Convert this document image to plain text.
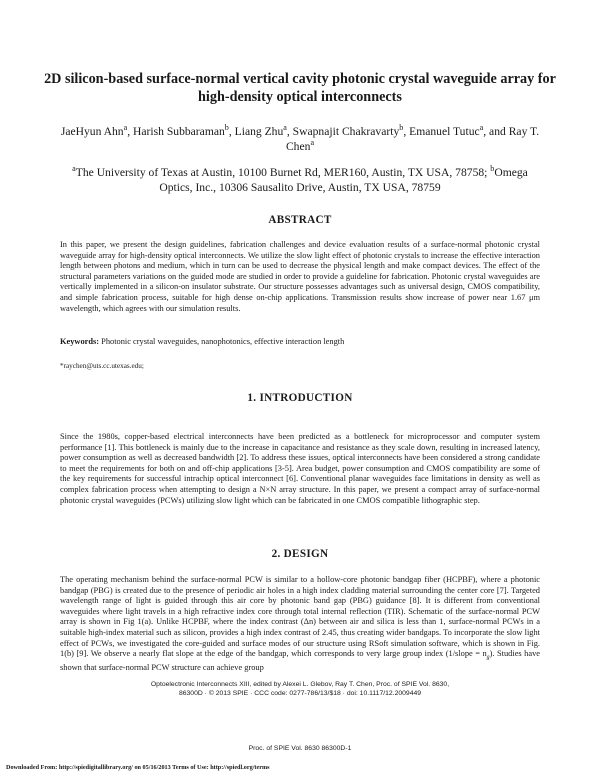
2D silicon-based surface-normal vertical cavity photonic crystal waveguide array for high-density optical interconnects
JaeHyun Ahn$^a$, Harish Subbaraman$^b$, Liang Zhu$^a$, Swapnajit Chakravarty$^b$, Emanuel Tutuc$^a$, and Ray T. Chen$^a$
$^a$The University of Texas at Austin, 10100 Burnet Rd, MER160, Austin, TX USA, 78758; $^b$Omega Optics, Inc., 10306 Sausalito Drive, Austin, TX USA, 78759
ABSTRACT
In this paper, we present the design guidelines, fabrication challenges and device evaluation results of a surface-normal photonic crystal waveguide array for high-density optical interconnects. We utilize the slow light effect of photonic crystals to increase the effective interaction length between photons and medium, which in turn can be used to decrease the physical length and make compact devices. The effect of the structural parameters variations on the guided mode are studied in order to provide a guideline for fabrication. Photonic crystal waveguides are vertically implemented in a silicon-on insulator substrate. Our structure possesses advantages such as universal design, CMOS compatibility, and simple fabrication process, suitable for high dense on-chip applications. Transmission results show increase of power near 1.67 μm wavelength, which agrees with our simulation results.
Keywords: Photonic crystal waveguides, nanophotonics, effective interaction length
*raychen@uts.cc.utexas.edu;
1. INTRODUCTION
Since the 1980s, copper-based electrical interconnects have been predicted as a bottleneck for microprocessor and computer system performance [1]. This bottleneck is mainly due to the increase in capacitance and resistance as they scale down, resulting in increased latency, power consumption as well as decreased bandwidth [2]. To address these issues, optical interconnects have been considered a strong candidate to meet the requirements for both on and off-chip applications [3-5]. Area budget, power consumption and CMOS compatibility are some of the key requirements for successful intrachip optical interconnect [6]. Conventional planar waveguides face limitations in density as well as complex fabrication process when attempting to design a N×N array structure. In this paper, we present a compact array of surface-normal photonic crystal waveguides (PCWs) utilizing slow light which can be fabricated in one CMOS compatible lithographic step.
2. DESIGN
The operating mechanism behind the surface-normal PCW is similar to a hollow-core photonic bandgap fiber (HCPBF), where a photonic bandgap (PBG) is created due to the presence of periodic air holes in a high index cladding material surrounding the center core [7]. Targeted wavelength range of light is guided through this air core by photonic band gap (PBG) guidance [8]. It is different from conventional waveguides where light travels in a high refractive index core through total internal reflection (TIR). Schematic of the surface-normal PCW array is shown in Fig 1(a). Unlike HCPBF, where the index contrast (Δn) between air and silica is less than 1, surface-normal PCWs in a suitable high-index material such as silicon, provides a high index contrast of 2.45, thus creating wider bandgaps. To incorporate the slow light effect of PCWs, we investigated the core-guided and surface modes of our structure using RSoft simulation software, which is shown in Fig. 1(b) [9]. We observe a nearly flat slope at the edge of the bandgap, which corresponds to very large group index (1/slope = $n_g$). Studies have shown that surface-normal PCW structure can achieve group
Optoelectronic Interconnects XIII, edited by Alexei L. Glebov, Ray T. Chen, Proc. of SPIE Vol. 8630,
86300D · © 2013 SPIE · CCC code: 0277-786/13/$18 · doi: 10.1117/12.2009449
Proc. of SPIE Vol. 8630 86300D-1
Downloaded From: http://spiedigitallibrary.org/ on 05/16/2013 Terms of Use: http://spiedl.org/terms
